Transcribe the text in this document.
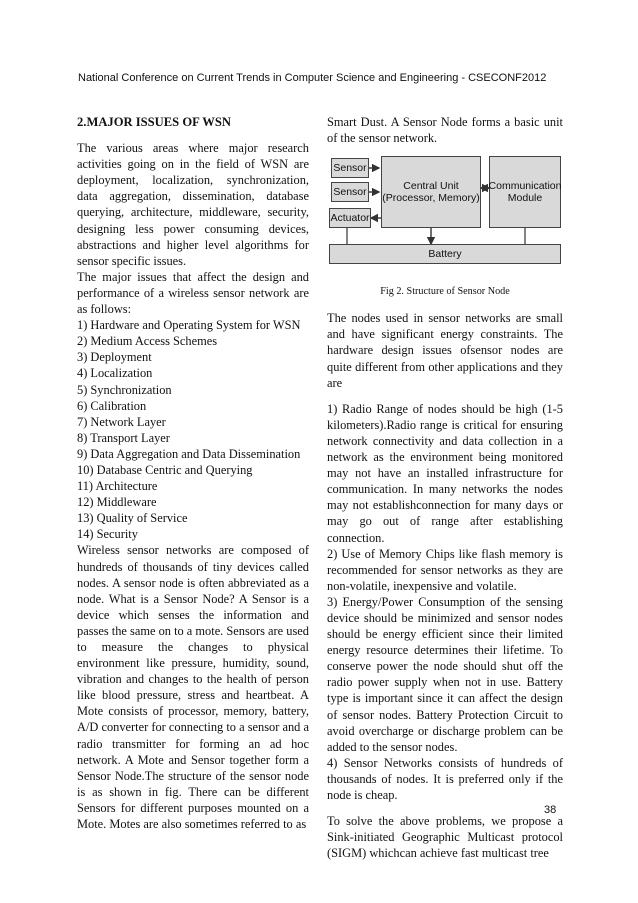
National Conference on Current Trends in Computer Science and Engineering - CSECONF2012

2.MAJOR ISSUES OF WSN

The various areas where major research activities going on in the field of WSN are deployment, localization, synchronization, data aggregation, dissemination, database querying, architecture, middleware, security, designing less power consuming devices, abstractions and higher level algorithms for sensor specific issues.

The major issues that affect the design and performance of a wireless sensor network are as follows:

1) Hardware and Operating System for WSN
2) Medium Access Schemes
3) Deployment
4) Localization
5) Synchronization
6) Calibration
7) Network Layer
8) Transport Layer
9) Data Aggregation and Data Dissemination
10) Database Centric and Querying
11) Architecture
12) Middleware
13) Quality of Service
14) Security

Wireless sensor networks are composed of hundreds of thousands of tiny devices called nodes. A sensor node is often abbreviated as a node. What is a Sensor Node? A Sensor is a device which senses the information and passes the same on to a mote. Sensors are used to measure the changes to physical environment like pressure, humidity, sound, vibration and changes to the health of person like blood pressure, stress and heartbeat. A Mote consists of processor, memory, battery, A/D converter for connecting to a sensor and a radio transmitter for forming an ad hoc network. A Mote and Sensor together form a Sensor Node.The structure of the sensor node is as shown in fig. There can be different Sensors for different purposes mounted on a Mote. Motes are also sometimes referred to as

Smart Dust. A Sensor Node forms a basic unit of the sensor network.

Sensor
Sensor
Actuator
Central Unit
(Processor, Memory)
Communication
Module
Battery

Fig 2. Structure of Sensor Node

The nodes used in sensor networks are small and have significant energy constraints. The hardware design issues ofsensor nodes are quite different from other applications and they are

1) Radio Range of nodes should be high (1-5 kilometers).Radio range is critical for ensuring network connectivity and data collection in a network as the environment being monitored may not have an installed infrastructure for communication. In many networks the nodes may not establishconnection for many days or may go out of range after establishing connection.

2) Use of Memory Chips like flash memory is recommended for sensor networks as they are non-volatile, inexpensive and volatile.

3) Energy/Power Consumption of the sensing device should be minimized and sensor nodes should be energy efficient since their limited energy resource determines their lifetime. To conserve power the node should shut off the radio power supply when not in use. Battery type is important since it can affect the design of sensor nodes. Battery Protection Circuit to avoid overcharge or discharge problem can be added to the sensor nodes.

4) Sensor Networks consists of hundreds of thousands of nodes. It is preferred only if the node is cheap.

To solve the above problems, we propose a Sink-initiated Geographic Multicast protocol (SIGM) whichcan achieve fast multicast tree

38
